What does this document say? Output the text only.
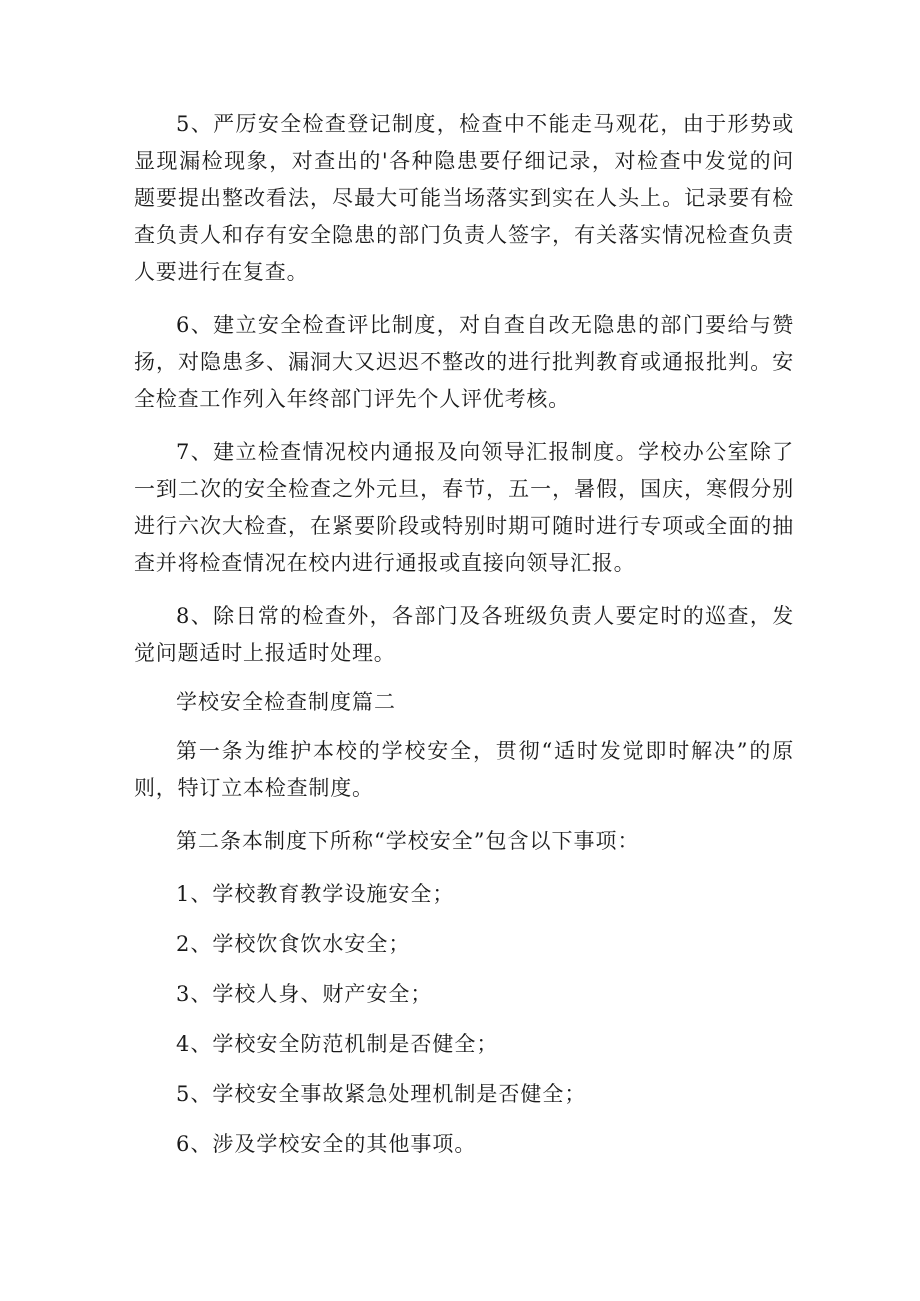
5、严厉安全检查登记制度，检查中不能走马观花，由于形势或显现漏检现象，对查出的'各种隐患要仔细记录，对检查中发觉的问题要提出整改看法，尽最大可能当场落实到实在人头上。记录要有检查负责人和存有安全隐患的部门负责人签字，有关落实情况检查负责人要进行在复查。

6、建立安全检查评比制度，对自查自改无隐患的部门要给与赞扬，对隐患多、漏洞大又迟迟不整改的进行批判教育或通报批判。安全检查工作列入年终部门评先个人评优考核。

7、建立检查情况校内通报及向领导汇报制度。学校办公室除了一到二次的安全检查之外元旦，春节，五一，暑假，国庆，寒假分别进行六次大检查，在紧要阶段或特别时期可随时进行专项或全面的抽查并将检查情况在校内进行通报或直接向领导汇报。

8、除日常的检查外，各部门及各班级负责人要定时的巡查，发觉问题适时上报适时处理。

学校安全检查制度篇二

第一条为维护本校的学校安全，贯彻“适时发觉即时解决”的原则，特订立本检查制度。

第二条本制度下所称“学校安全”包含以下事项：

1、学校教育教学设施安全；

2、学校饮食饮水安全；

3、学校人身、财产安全；

4、学校安全防范机制是否健全；

5、学校安全事故紧急处理机制是否健全；

6、涉及学校安全的其他事项。
